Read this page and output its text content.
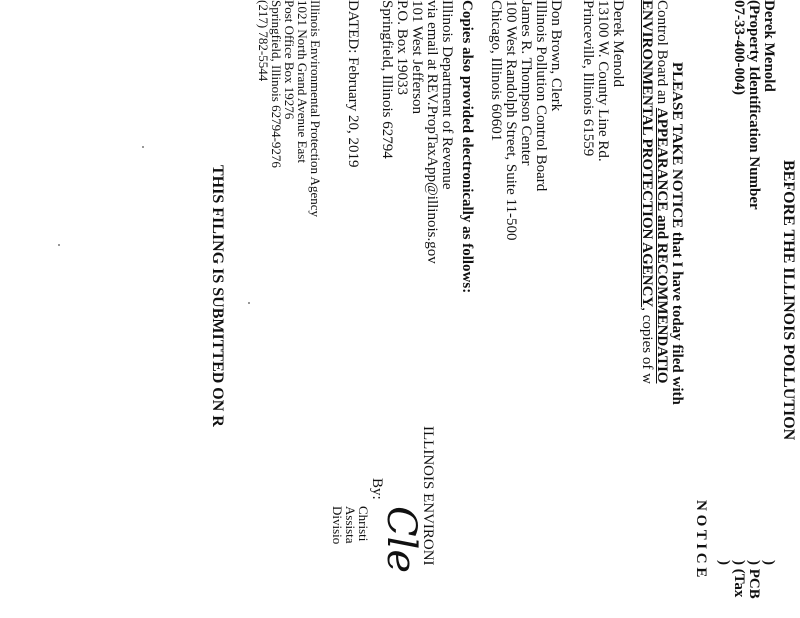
BEFORE THE ILLINOIS POLLUTION
Derek Menold
(Property Identification Number
07-33-400-004)
)
) PCB
) (Tax
)
N O T I C E
PLEASE TAKE NOTICE that I have today filed with
Control Board an APPEARANCE and RECOMMENDATIO
ENVIRONMENTAL PROTECTION AGENCY, copies of w
Derek Menold
13100 W. County Line Rd.
Princeville, Illinois 61559
Don Brown, Clerk
Illinois Pollution Control Board
James R. Thompson Center
100 West Randolph Street, Suite 11-500
Chicago, Illinois 60601
Copies also provided electronically as follows:
Illinois Department of Revenue
via email at REV.PropTaxApp@illinois.gov
101 West Jefferson
P.O. Box 19033
Springfield, Illinois 62794
ILLINOIS ENVIRONI
By:
Cle
Christi
Assista
Divisio
DATED: February 20, 2019
Illinois Environmental Protection Agency
1021 North Grand Avenue East
Post Office Box 19276
Springfield, Illinois 62794-9276
(217) 782-5544
THIS FILING IS SUBMITTED ON R
